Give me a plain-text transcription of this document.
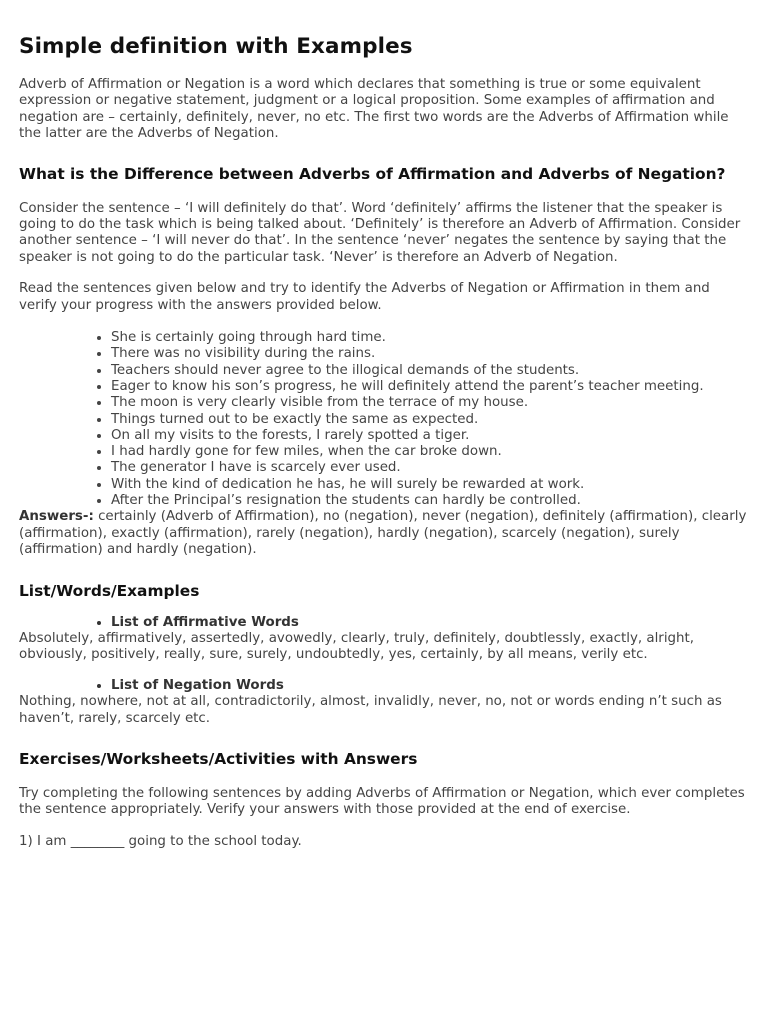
Simple definition with Examples

Adverb of Affirmation or Negation is a word which declares that something is true or some equivalent expression or negative statement, judgment or a logical proposition. Some examples of affirmation and negation are – certainly, definitely, never, no etc. The first two words are the Adverbs of Affirmation while the latter are the Adverbs of Negation.

What is the Difference between Adverbs of Affirmation and Adverbs of Negation?

Consider the sentence – ‘I will definitely do that’. Word ‘definitely’ affirms the listener that the speaker is going to do the task which is being talked about. ‘Definitely’ is therefore an Adverb of Affirmation. Consider another sentence – ‘I will never do that’. In the sentence ‘never’ negates the sentence by saying that the speaker is not going to do the particular task. ‘Never’ is therefore an Adverb of Negation.

Read the sentences given below and try to identify the Adverbs of Negation or Affirmation in them and verify your progress with the answers provided below.

• She is certainly going through hard time.
• There was no visibility during the rains.
• Teachers should never agree to the illogical demands of the students.
• Eager to know his son’s progress, he will definitely attend the parent’s teacher meeting.
• The moon is very clearly visible from the terrace of my house.
• Things turned out to be exactly the same as expected.
• On all my visits to the forests, I rarely spotted a tiger.
• I had hardly gone for few miles, when the car broke down.
• The generator I have is scarcely ever used.
• With the kind of dedication he has, he will surely be rewarded at work.
• After the Principal’s resignation the students can hardly be controlled.

Answers-: certainly (Adverb of Affirmation), no (negation), never (negation), definitely (affirmation), clearly (affirmation), exactly (affirmation), rarely (negation), hardly (negation), scarcely (negation), surely (affirmation) and hardly (negation).

List/Words/Examples
• List of Affirmative Words

Absolutely, affirmatively, assertedly, avowedly, clearly, truly, definitely, doubtlessly, exactly, alright, obviously, positively, really, sure, surely, undoubtedly, yes, certainly, by all means, verily etc.

• List of Negation Words

Nothing, nowhere, not at all, contradictorily, almost, invalidly, never, no, not or words ending n’t such as haven’t, rarely, scarcely etc.

Exercises/Worksheets/Activities with Answers

Try completing the following sentences by adding Adverbs of Affirmation or Negation, which ever completes the sentence appropriately. Verify your answers with those provided at the end of exercise.

1) I am ________ going to the school today.
